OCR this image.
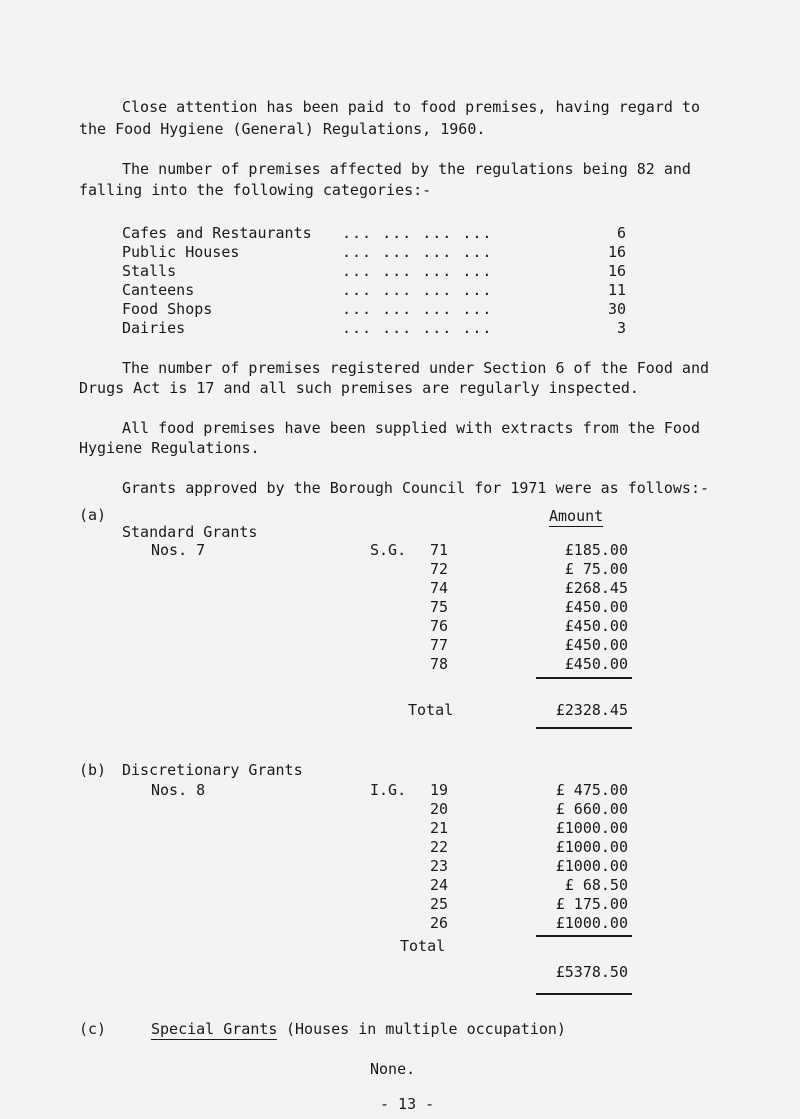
Close attention has been paid to food premises, having regard to
the Food Hygiene (General) Regulations, 1960.
The number of premises affected by the regulations being 82 and
falling into the following categories:-
Cafes and Restaurants ... ... ... ...	6
Public Houses	... ... ... ...	16
Stalls	... ... ... ...	16
Canteens	... ... ... ...	11
Food Shops	... ... ... ...	30
Dairies	... ... ... ...	3
The number of premises registered under Section 6 of the Food and
Drugs Act is 17 and all such premises are regularly inspected.
All food premises have been supplied with extracts from the Food
Hygiene Regulations.
Grants approved by the Borough Council for 1971 were as follows:-
(a)	Amount
Standard Grants
Nos. 7	S.G.	71	£185.00
72	£ 75.00
74	£268.45
75	£450.00
76	£450.00
77	£450.00
78	£450.00
Total	£2328.45
(b) Discretionary Grants
Nos. 8	I.G.	19	£ 475.00
20	£ 660.00
21	£1000.00
22	£1000.00
23	£1000.00
24	£ 68.50
25	£ 175.00
26	£1000.00
Total
£5378.50
(c)	Special Grants (Houses in multiple occupation)
None.
- 13 -
